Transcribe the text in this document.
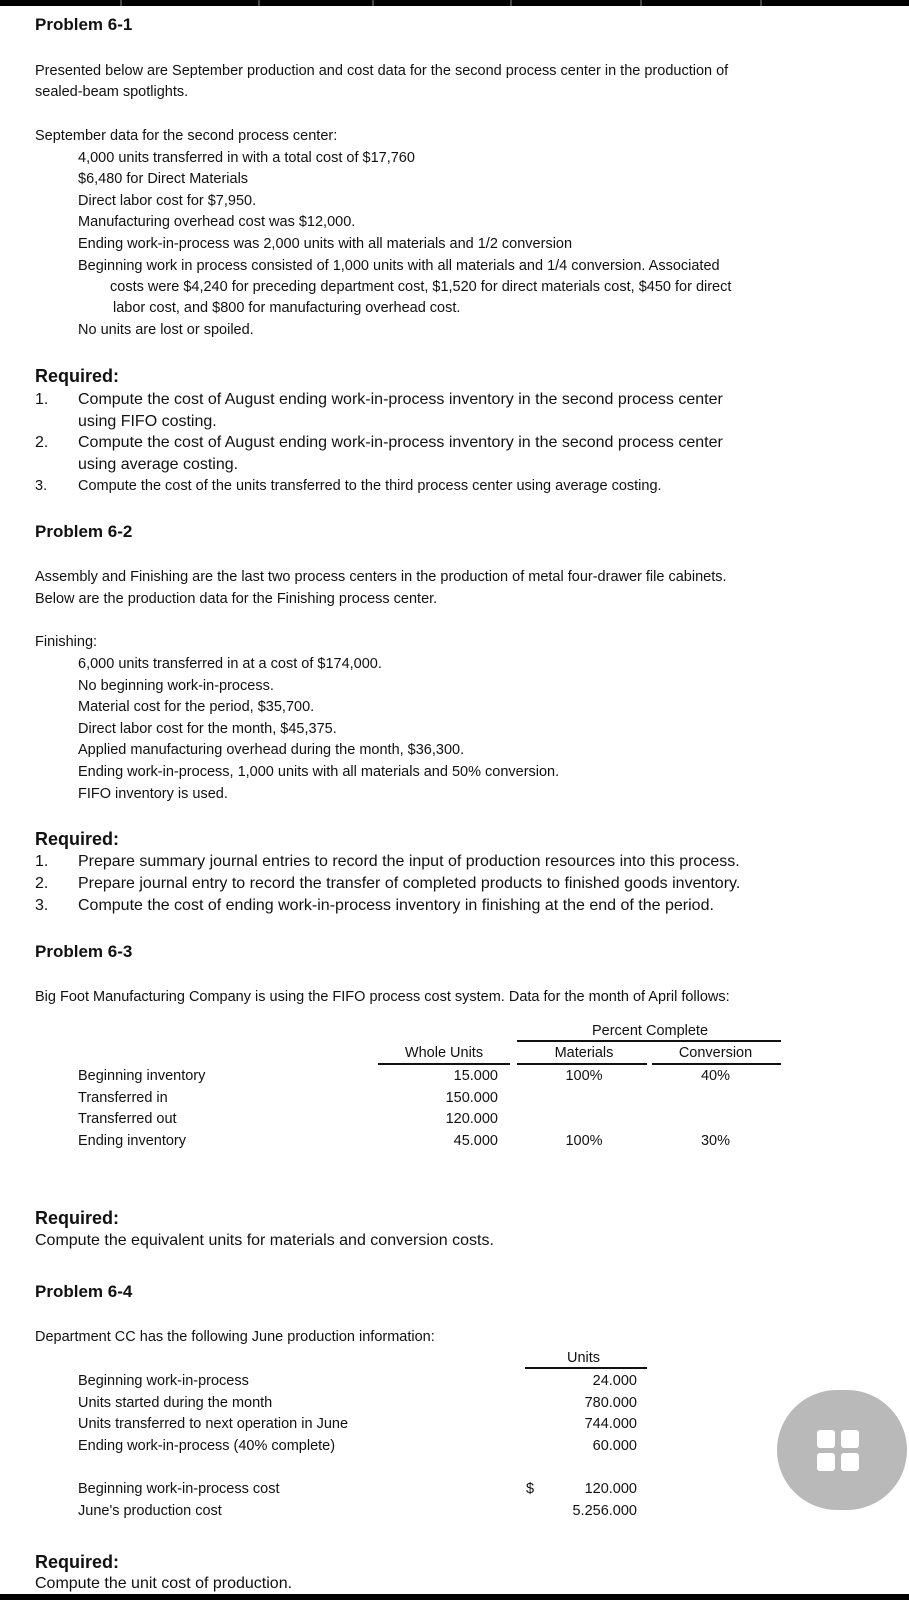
Problem 6-1
Presented below are September production and cost data for the second process center in the production of
sealed-beam spotlights.
September data for the second process center:
4,000 units transferred in with a total cost of $17,760
$6,480 for Direct Materials
Direct labor cost for $7,950.
Manufacturing overhead cost was $12,000.
Ending work-in-process was 2,000 units with all materials and 1/2 conversion
Beginning work in process consisted of 1,000 units with all materials and 1/4 conversion. Associated
costs were $4,240 for preceding department cost, $1,520 for direct materials cost, $450 for direct
labor cost, and $800 for manufacturing overhead cost.
No units are lost or spoiled.
Required:
1. Compute the cost of August ending work-in-process inventory in the second process center
using FIFO costing.
2. Compute the cost of August ending work-in-process inventory in the second process center
using average costing.
3. Compute the cost of the units transferred to the third process center using average costing.
Problem 6-2
Assembly and Finishing are the last two process centers in the production of metal four-drawer file cabinets.
Below are the production data for the Finishing process center.
Finishing:
6,000 units transferred in at a cost of $174,000.
No beginning work-in-process.
Material cost for the period, $35,700.
Direct labor cost for the month, $45,375.
Applied manufacturing overhead during the month, $36,300.
Ending work-in-process, 1,000 units with all materials and 50% conversion.
FIFO inventory is used.
Required:
1. Prepare summary journal entries to record the input of production resources into this process.
2. Prepare journal entry to record the transfer of completed products to finished goods inventory.
3. Compute the cost of ending work-in-process inventory in finishing at the end of the period.
Problem 6-3
Big Foot Manufacturing Company is using the FIFO process cost system. Data for the month of April follows:
Percent Complete
Whole Units	Materials	Conversion
Beginning inventory	15.000	100%	40%
Transferred in	150.000
Transferred out	120.000
Ending inventory	45.000	100%	30%
Required:
Compute the equivalent units for materials and conversion costs.
Problem 6-4
Department CC has the following June production information:
Units
Beginning work-in-process	24.000
Units started during the month	780.000
Units transferred to next operation in June	744.000
Ending work-in-process (40% complete)	60.000
Beginning work-in-process cost	$	120.000
June's production cost	5.256.000
Required:
Compute the unit cost of production.
